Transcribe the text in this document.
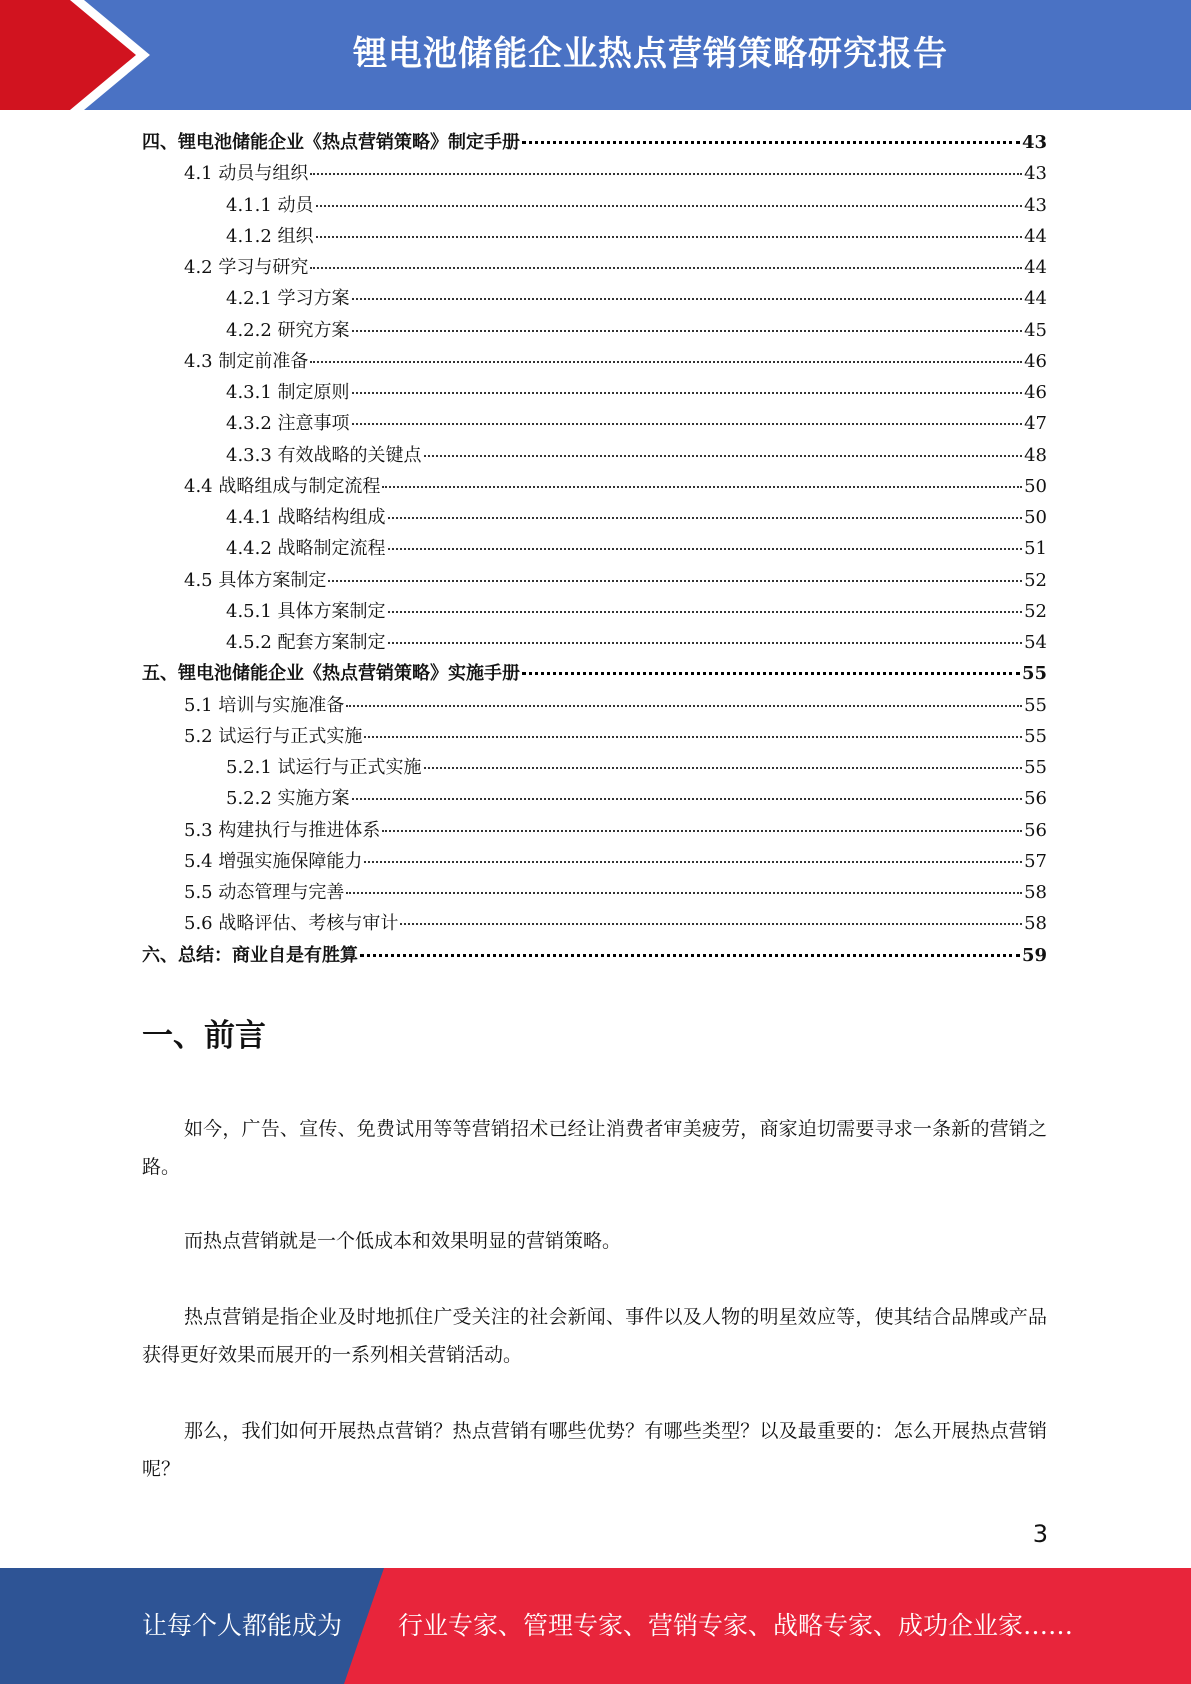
锂电池储能企业热点营销策略研究报告
四、锂电池储能企业《热点营销策略》制定手册	43
4.1 动员与组织	43
4.1.1 动员	43
4.1.2 组织	44
4.2 学习与研究	44
4.2.1 学习方案	44
4.2.2 研究方案	45
4.3 制定前准备	46
4.3.1 制定原则	46
4.3.2 注意事项	47
4.3.3 有效战略的关键点	48
4.4 战略组成与制定流程	50
4.4.1 战略结构组成	50
4.4.2 战略制定流程	51
4.5 具体方案制定	52
4.5.1 具体方案制定	52
4.5.2 配套方案制定	54
五、锂电池储能企业《热点营销策略》实施手册	55
5.1 培训与实施准备	55
5.2 试运行与正式实施	55
5.2.1 试运行与正式实施	55
5.2.2 实施方案	56
5.3 构建执行与推进体系	56
5.4 增强实施保障能力	57
5.5 动态管理与完善	58
5.6 战略评估、考核与审计	58
六、总结：商业自是有胜算	59
一、前言

如今，广告、宣传、免费试用等等营销招术已经让消费者审美疲劳，商家迫切需要寻求一条新的营销之路。

而热点营销就是一个低成本和效果明显的营销策略。

热点营销是指企业及时地抓住广受关注的社会新闻、事件以及人物的明星效应等，使其结合品牌或产品获得更好效果而展开的一系列相关营销活动。

那么，我们如何开展热点营销？热点营销有哪些优势？有哪些类型？以及最重要的：怎么开展热点营销呢？

3
让每个人都能成为 行业专家、管理专家、营销专家、战略专家、成功企业家……
